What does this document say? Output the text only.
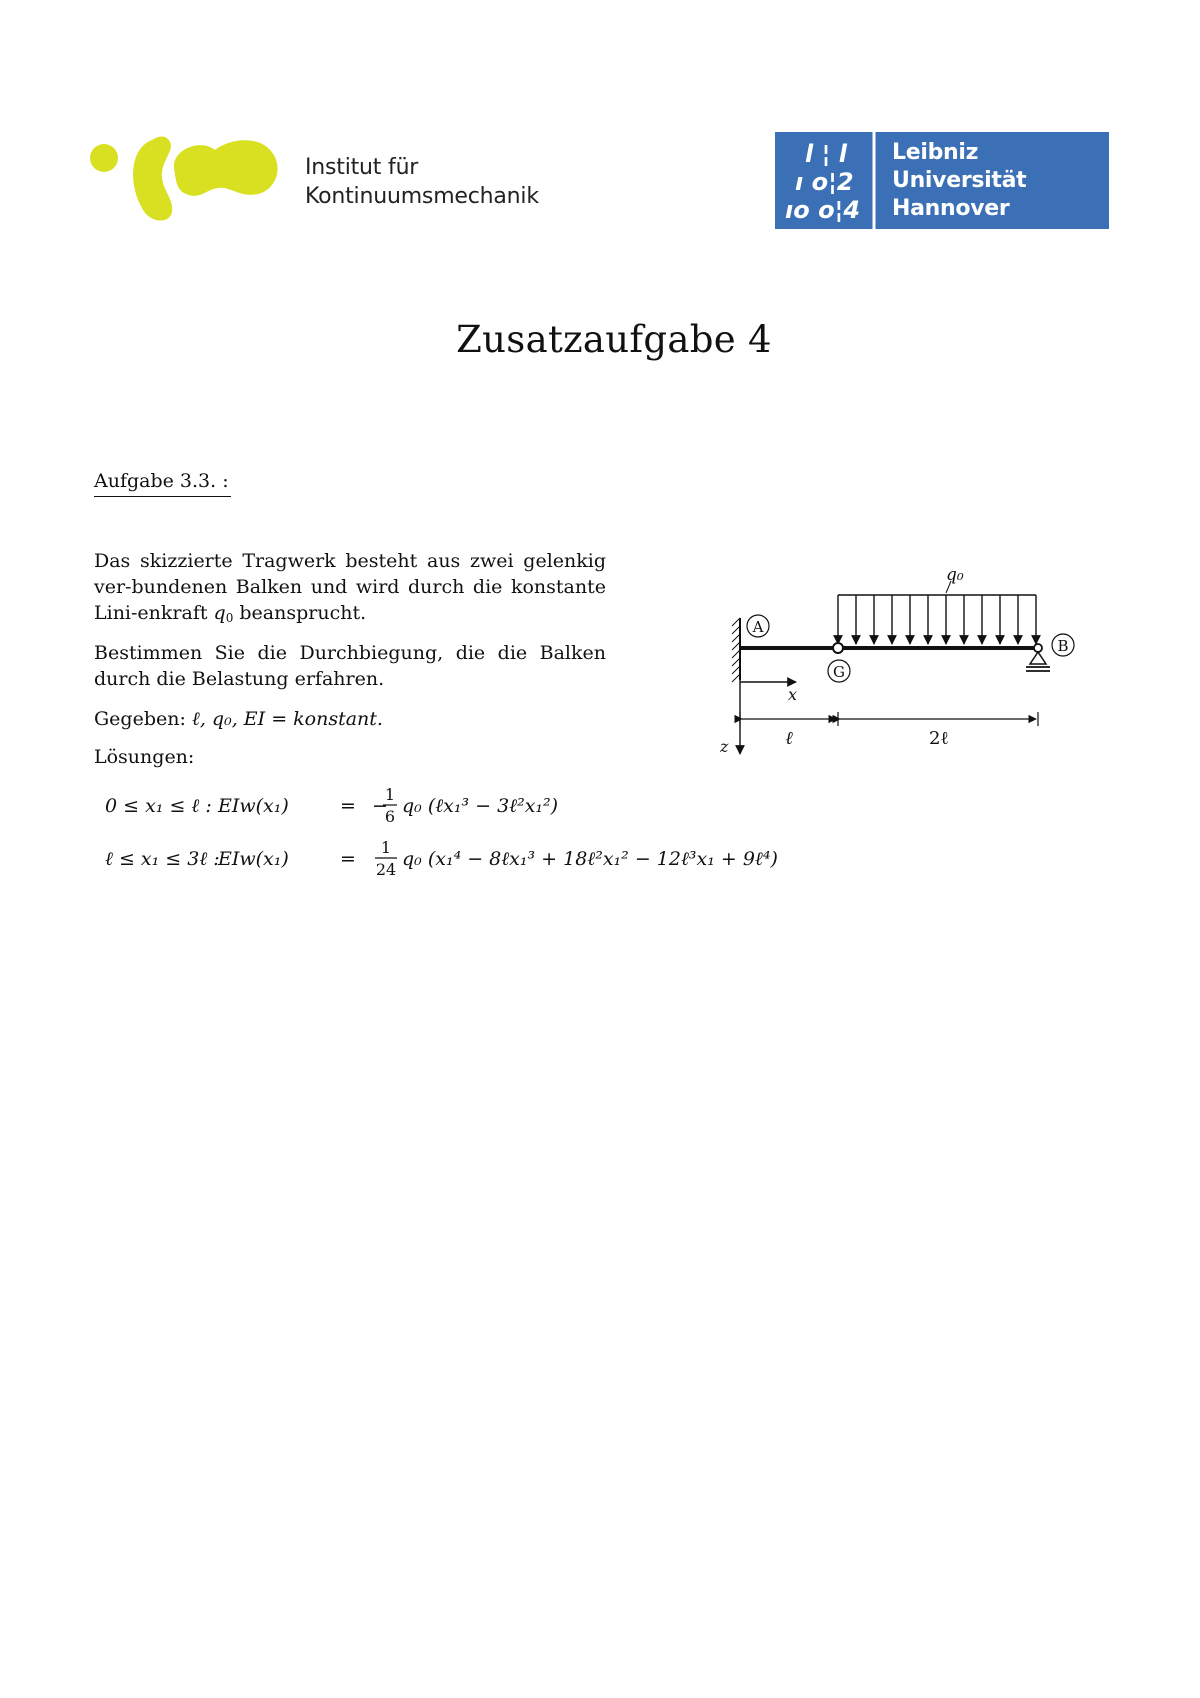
Institut für
Kontinuumsmechanik
l ¦ l
ı o¦2
ıo o¦4
Leibniz
Universität
Hannover
Zusatzaufgabe 4
Aufgabe 3.3. :
Das skizzierte Tragwerk besteht aus zwei gelenkig ver-bundenen Balken und wird durch die konstante Lini-enkraft $q_0$ beansprucht.
Bestimmen Sie die Durchbiegung, die die Balken durch die Belastung erfahren.
Gegeben: ℓ, q₀, EI = konstant.
Lösungen:
0 ≤ x₁ ≤ ℓ : EIw(x₁)	= −
1
6 q₀ (ℓx₁³ − 3ℓ²x₁²)
ℓ ≤ x₁ ≤ 3ℓ :
EIw(x₁)	=
1
24 q₀ (x₁⁴ − 8ℓx₁³ + 18ℓ²x₁² − 12ℓ³x₁ + 9ℓ⁴)
q₀
G
B
A
x
z	ℓ	2ℓ
